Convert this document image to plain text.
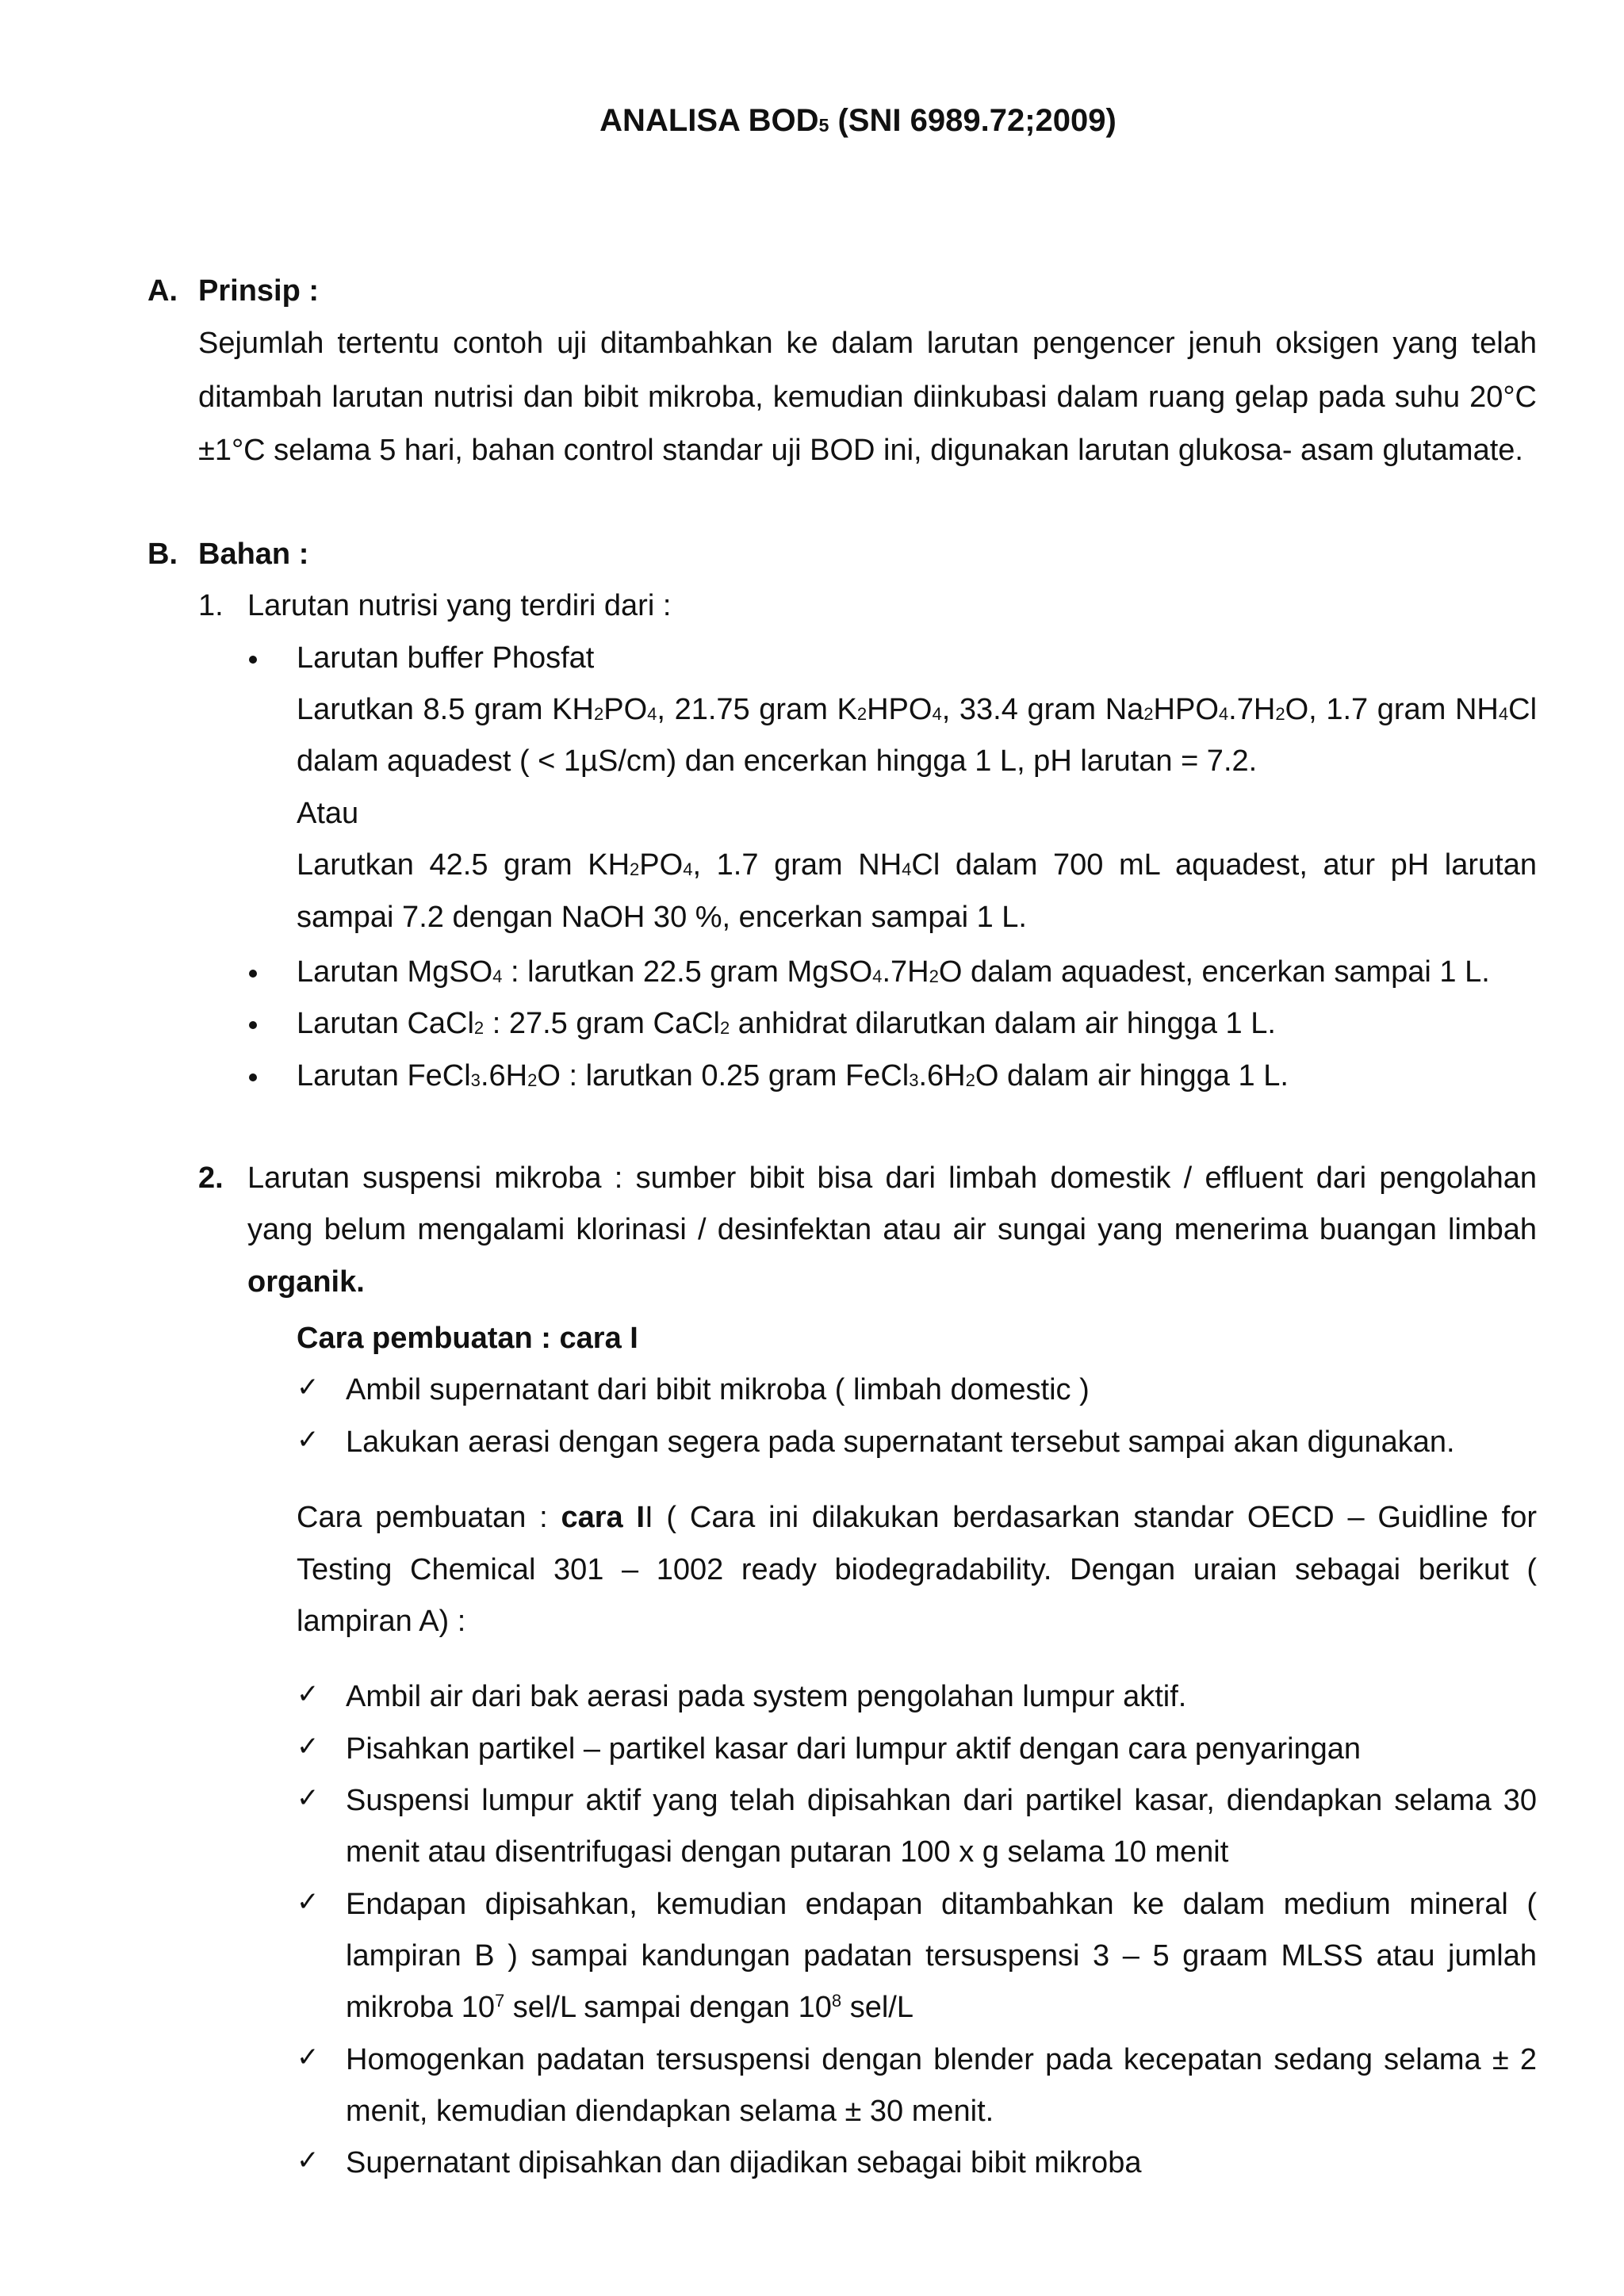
ANALISA $BOD_5$ (SNI 6989.72;2009)
A. Prinsip :
Sejumlah tertentu contoh uji ditambahkan ke dalam larutan pengencer jenuh oksigen yang telah ditambah larutan nutrisi dan bibit mikroba, kemudian diinkubasi dalam ruang gelap pada suhu 20°C ±1°C selama 5 hari, bahan control standar uji BOD ini, digunakan larutan glukosa- asam glutamate.
B. Bahan :
1. Larutan nutrisi yang terdiri dari :
Larutan buffer Phosfat
Larutkan 8.5 gram $KH_2PO_4$, 21.75 gram $K_2HPO_4$, 33.4 gram $Na_2HPO_4.7H_2O$, 1.7 gram $NH_4Cl$ dalam aquadest ( < 1µS/cm) dan encerkan hingga 1 L, pH larutan = 7.2.
Atau
Larutkan 42.5 gram $KH_2PO_4$, 1.7 gram $NH_4Cl$ dalam 700 mL aquadest, atur pH larutan sampai 7.2 dengan NaOH 30 %, encerkan sampai 1 L.
Larutan MgSO$_4$ : larutkan 22.5 gram $MgSO_4.7H_2O$ dalam aquadest, encerkan sampai 1 L.
Larutan CaCl$_2$ : 27.5 gram CaCl$_2$ anhidrat dilarutkan dalam air hingga 1 L.
Larutan $FeCl_3.6H_2O$ : larutkan 0.25 gram $FeCl_3.6H_2O$ dalam air hingga 1 L.
2. Larutan suspensi mikroba : sumber bibit bisa dari limbah domestik / effluent dari pengolahan yang belum mengalami klorinasi / desinfektan atau air sungai yang menerima buangan limbah organik.
Cara pembuatan : cara I
✓ Ambil supernatant dari bibit mikroba ( limbah domestic )
✓ Lakukan aerasi dengan segera pada supernatant tersebut sampai akan digunakan.
Cara pembuatan : cara II ( Cara ini dilakukan berdasarkan standar OECD – Guidline for Testing Chemical 301 – 1002 ready biodegradability. Dengan uraian sebagai berikut ( lampiran A) :
✓ Ambil air dari bak aerasi pada system pengolahan lumpur aktif.
✓ Pisahkan partikel – partikel kasar dari lumpur aktif dengan cara penyaringan
✓ Suspensi lumpur aktif yang telah dipisahkan dari partikel kasar, diendapkan selama 30 menit atau disentrifugasi dengan putaran 100 x g selama 10 menit
✓ Endapan dipisahkan, kemudian endapan ditambahkan ke dalam medium mineral ( lampiran B ) sampai kandungan padatan tersuspensi 3 – 5 graam MLSS atau jumlah mikroba $10^7$ sel/L sampai dengan $10^8$ sel/L
✓ Homogenkan padatan tersuspensi dengan blender pada kecepatan sedang selama ± 2 menit, kemudian diendapkan selama ± 30 menit.
✓ Supernatant dipisahkan dan dijadikan sebagai bibit mikroba
